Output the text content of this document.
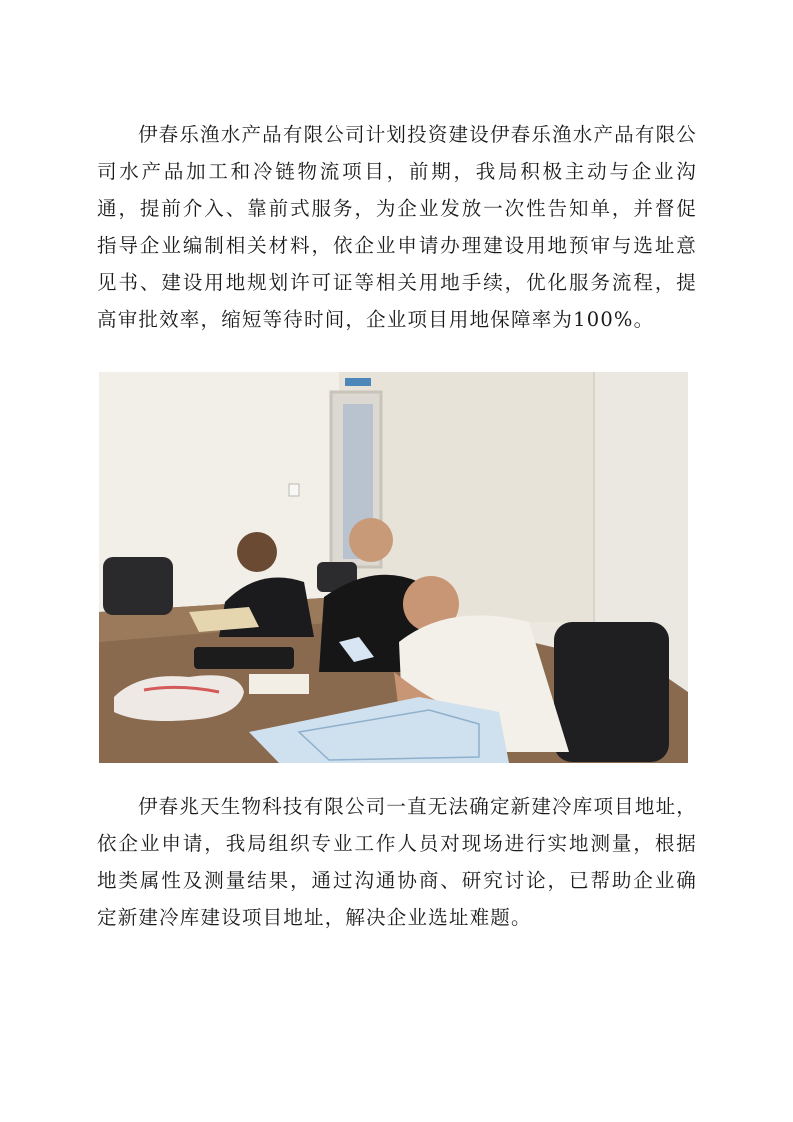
伊春乐渔水产品有限公司计划投资建设伊春乐渔水产品有限公司水产品加工和冷链物流项目，前期，我局积极主动与企业沟通，提前介入、靠前式服务，为企业发放一次性告知单，并督促指导企业编制相关材料，依企业申请办理建设用地预审与选址意见书、建设用地规划许可证等相关用地手续，优化服务流程，提高审批效率，缩短等待时间，企业项目用地保障率为100%。

伊春兆天生物科技有限公司一直无法确定新建冷库项目地址，依企业申请，我局组织专业工作人员对现场进行实地测量，根据地类属性及测量结果，通过沟通协商、研究讨论，已帮助企业确定新建冷库建设项目地址，解决企业选址难题。
